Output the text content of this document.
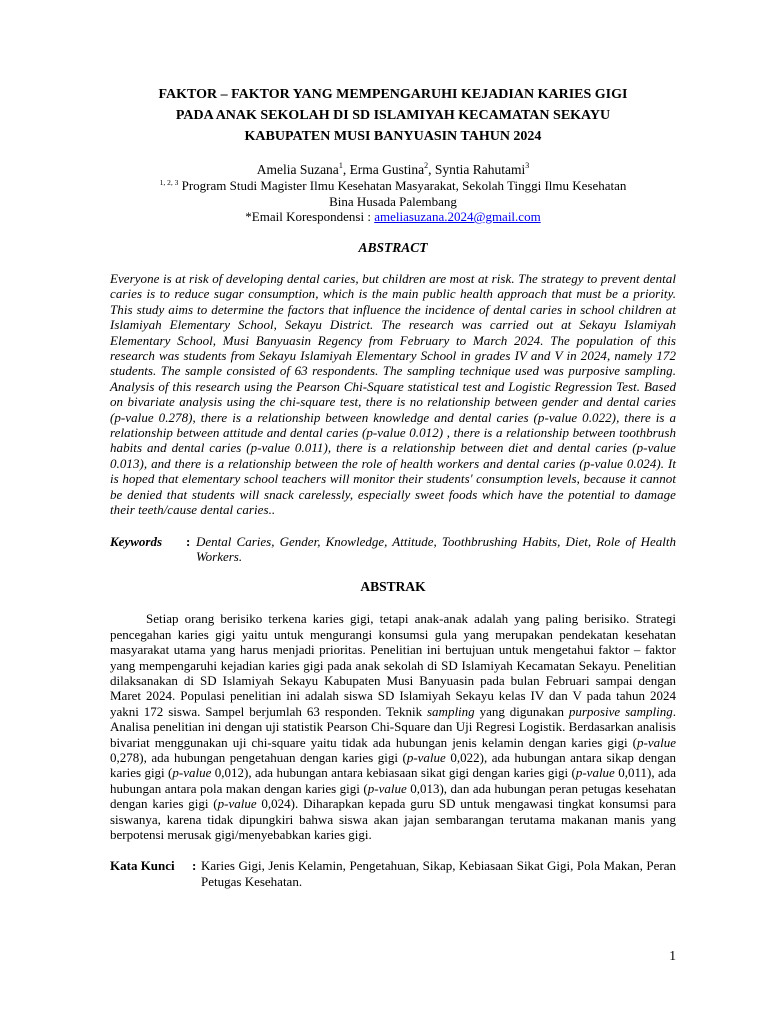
FAKTOR – FAKTOR YANG MEMPENGARUHI KEJADIAN KARIES GIGI
PADA ANAK SEKOLAH DI SD ISLAMIYAH KECAMATAN SEKAYU
KABUPATEN MUSI BANYUASIN TAHUN 2024
Amelia Suzana$^1$, Erma Gustina$^2$, Syntia Rahutami$^3$
$^{1, 2, 3}$ Program Studi Magister Ilmu Kesehatan Masyarakat, Sekolah Tinggi Ilmu Kesehatan
Bina Husada Palembang
*Email Korespondensi : ameliasuzana.2024@gmail.com
ABSTRACT
Everyone is at risk of developing dental caries, but children are most at risk. The strategy to prevent dental caries is to reduce sugar consumption, which is the main public health approach that must be a priority. This study aims to determine the factors that influence the incidence of dental caries in school children at Islamiyah Elementary School, Sekayu District. The research was carried out at Sekayu Islamiyah Elementary School, Musi Banyuasin Regency from February to March 2024. The population of this research was students from Sekayu Islamiyah Elementary School in grades IV and V in 2024, namely 172 students. The sample consisted of 63 respondents. The sampling technique used was purposive sampling. Analysis of this research using the Pearson Chi-Square statistical test and Logistic Regression Test. Based on bivariate analysis using the chi-square test, there is no relationship between gender and dental caries (p-value 0.278), there is a relationship between knowledge and dental caries (p-value 0.022), there is a relationship between attitude and dental caries (p-value 0.012) , there is a relationship between toothbrush habits and dental caries (p-value 0.011), there is a relationship between diet and dental caries (p-value 0.013), and there is a relationship between the role of health workers and dental caries (p-value 0.024). It is hoped that elementary school teachers will monitor their students' consumption levels, because it cannot be denied that students will snack carelessly, especially sweet foods which have the potential to damage their teeth/cause dental caries..
Keywords	: Dental Caries, Gender, Knowledge, Attitude, Toothbrushing Habits, Diet, Role of Health Workers.
ABSTRAK
Setiap orang berisiko terkena karies gigi, tetapi anak-anak adalah yang paling berisiko. Strategi pencegahan karies gigi yaitu untuk mengurangi konsumsi gula yang merupakan pendekatan kesehatan masyarakat utama yang harus menjadi prioritas. Penelitian ini bertujuan untuk mengetahui faktor – faktor yang mempengaruhi kejadian karies gigi pada anak sekolah di SD Islamiyah Kecamatan Sekayu. Penelitian dilaksanakan di SD Islamiyah Sekayu Kabupaten Musi Banyuasin pada bulan Februari sampai dengan Maret 2024. Populasi penelitian ini adalah siswa SD Islamiyah Sekayu kelas IV dan V pada tahun 2024 yakni 172 siswa. Sampel berjumlah 63 responden. Teknik sampling yang digunakan purposive sampling. Analisa penelitian ini dengan uji statistik Pearson Chi-Square dan Uji Regresi Logistik. Berdasarkan analisis bivariat menggunakan uji chi-square yaitu tidak ada hubungan jenis kelamin dengan karies gigi (p-value 0,278), ada hubungan pengetahuan dengan karies gigi (p-value 0,022), ada hubungan antara sikap dengan karies gigi (p-value 0,012), ada hubungan antara kebiasaan sikat gigi dengan karies gigi (p-value 0,011), ada hubungan antara pola makan dengan karies gigi (p-value 0,013), dan ada hubungan peran petugas kesehatan dengan karies gigi (p-value 0,024). Diharapkan kepada guru SD untuk mengawasi tingkat konsumsi para siswanya, karena tidak dipungkiri bahwa siswa akan jajan sembarangan terutama makanan manis yang berpotensi merusak gigi/menyebabkan karies gigi.
Kata Kunci	: Karies Gigi, Jenis Kelamin, Pengetahuan, Sikap, Kebiasaan Sikat Gigi, Pola Makan, Peran Petugas Kesehatan.
1
